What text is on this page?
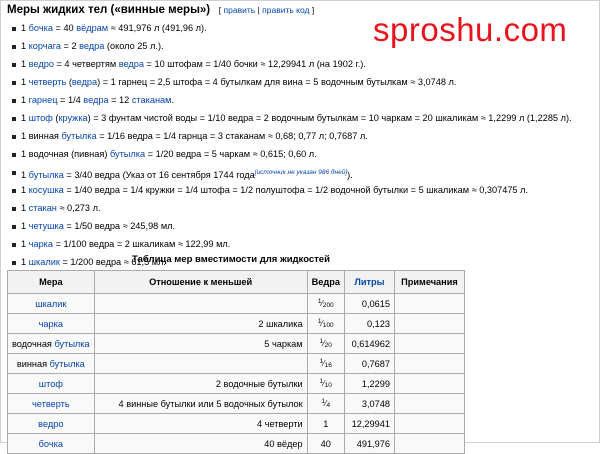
Меры жидких тел («винные меры») [ править | править код ]
sproshu.com
1 бочка = 40 вёдрам ≈ 491,976 л (491,96 л).
1 корчага = 2 ведра (около 25 л.).
1 ведро = 4 четвертям ведра = 10 штофам = 1/40 бочки ≈ 12,29941 л (на 1902 г.).
1 четверть (ведра) = 1 гарнец = 2,5 штофа = 4 бутылкам для вина = 5 водочным бутылкам ≈ 3,0748 л.
1 гарнец = 1/4 ведра = 12 стаканам.
1 штоф (кружка) = 3 фунтам чистой воды = 1/10 ведра = 2 водочным бутылкам = 10 чаркам = 20 шкаликам ≈ 1,2299 л (1,2285 л).
1 винная бутылка = 1/16 ведра = 1/4 гарнца = 3 стаканам ≈ 0,68; 0,77 л; 0,7687 л.
1 водочная (пивная) бутылка = 1/20 ведра = 5 чаркам ≈ 0,615; 0,60 л.
1 бутылка = 3/40 ведра (Указ от 16 сентября 1744 года[источник не указан 986 дней]).
1 косушка = 1/40 ведра = 1/4 кружки = 1/4 штофа = 1/2 полуштофа = 1/2 водочной бутылки = 5 шкаликам ≈ 0,307475 л.
1 стакан ≈ 0,273 л.
1 четушка = 1/50 ведра ≈ 245,98 мл.
1 чарка = 1/100 ведра = 2 шкаликам ≈ 122,99 мл.
1 шкалик = 1/200 ведра ≈ 61,5 мл.
Таблица мер вместимости для жидкостей
Мера	Отношение к меньшей	Ведра	Литры	Примечания
шкалик		$^1⁄_{200}$	0,0615	
чарка	2 шкалика	$^1⁄_{100}$	0,123	
водочная бутылка	5 чаркам	$^1⁄_{20}$	0,614962	
винная бутылка		$^1⁄_{16}$	0,7687	
штоф	2 водочные бутылки	$^1⁄_{10}$	1,2299	
четверть	4 винные бутылки или 5 водочных бутылок	$^1⁄_4$	3,0748	
ведро	4 четверти	1	12,29941	
бочка	40 вёдер	40	491,976	
